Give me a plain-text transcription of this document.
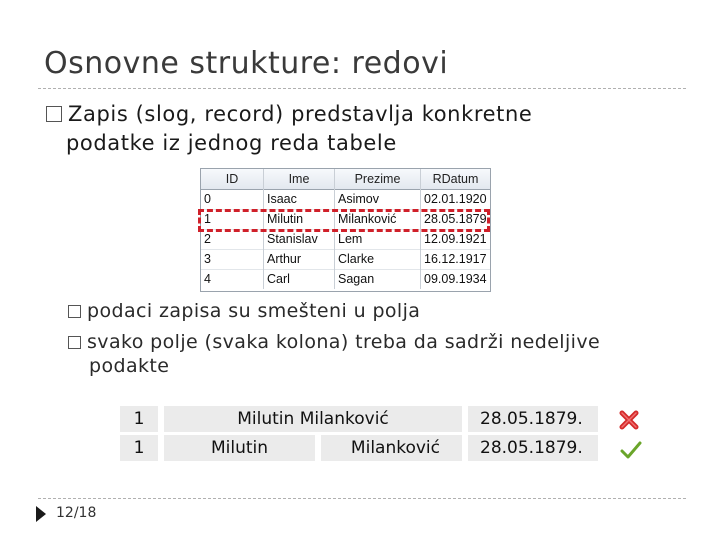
Osnovne strukture: redovi
Zapis (slog, record) predstavlja konkretne
podatke iz jednog reda tabele
ID	Ime	Prezime	RDatum
0	Isaac	Asimov	02.01.1920
1	Milutin	Milanković	28.05.1879
2	Stanislav	Lem	12.09.1921
3	Arthur	Clarke	16.12.1917
4	Carl	Sagan	09.09.1934
podaci zapisa su smešteni u polja
svako polje (svaka kolona) treba da sadrži nedeljive
podakte
1	Milutin Milanković	28.05.1879.
1	Milutin	Milanković	28.05.1879.
12/18
